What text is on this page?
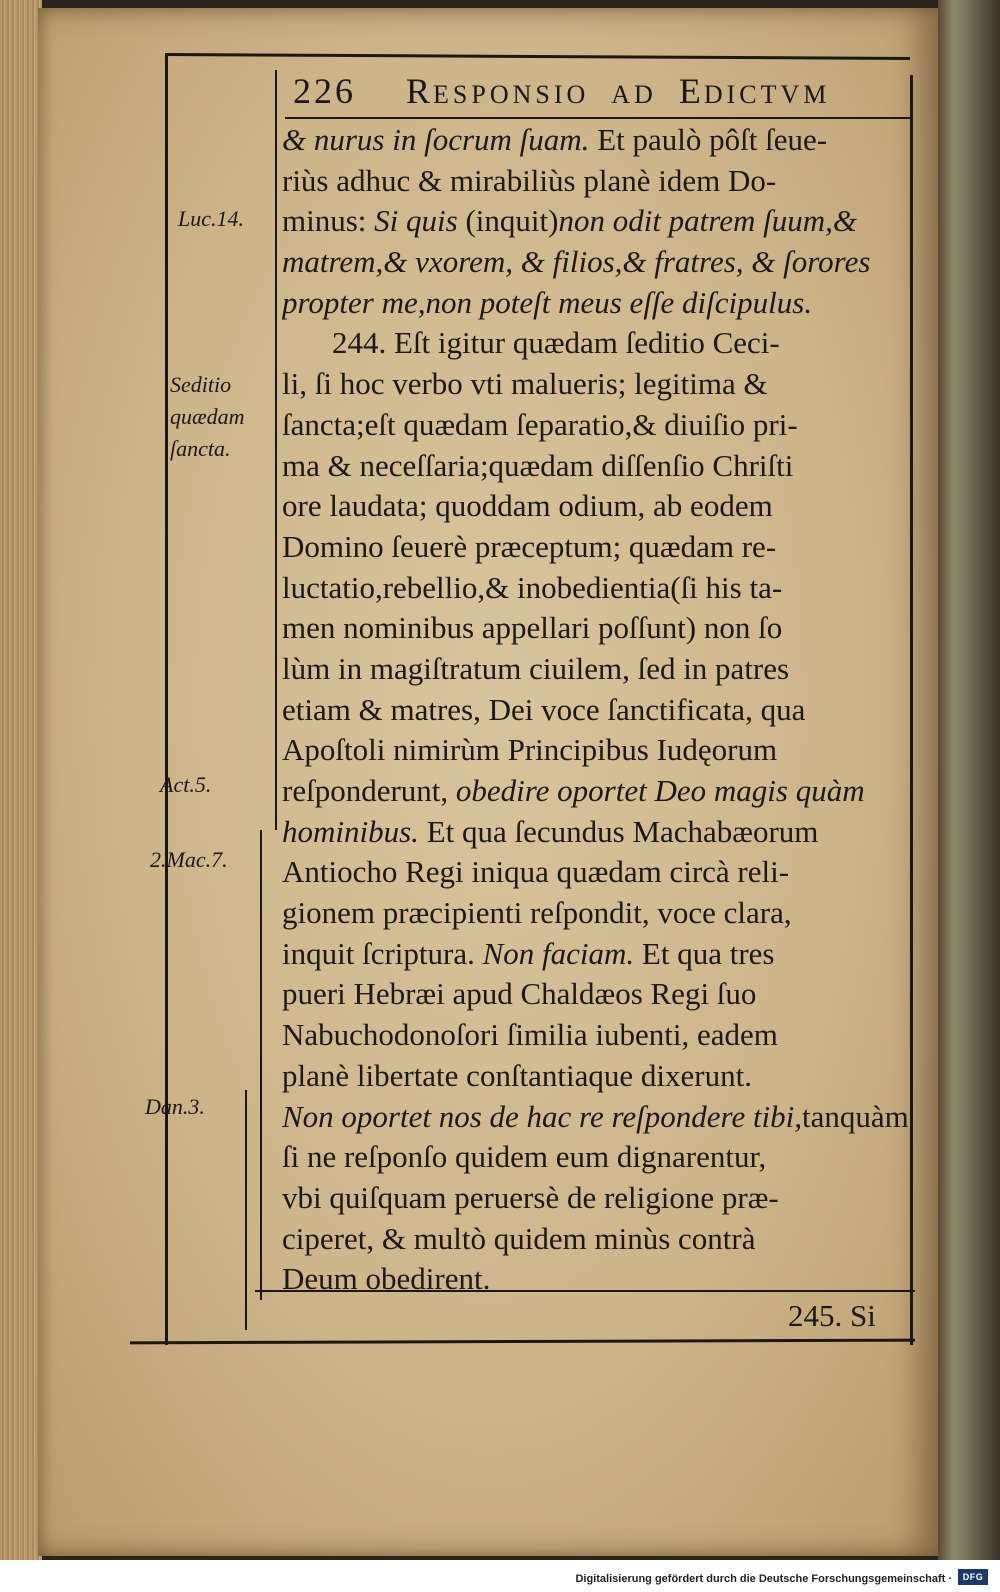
226 RESPONSIO AD EDICTVM
& nurus in ſocrum ſuam. Et paulò pôſt ſeue-
riùs adhuc & mirabiliùs planè idem Do-
minus: Si quis (inquit)non odit patrem ſuum,&
matrem,& vxorem, & filios,& fratres, & ſorores
propter me,non poteſt meus eſſe diſcipulus.
244. Eſt igitur quædam ſeditio Ceci-
li, ſi hoc verbo vti malueris; legitima &
ſancta;eſt quædam ſeparatio,& diuiſio pri-
ma & neceſſaria;quædam diſſenſio Chriſti
ore laudata; quoddam odium, ab eodem
Domino ſeuerè præceptum; quædam re-
luctatio,rebellio,& inobedientia(ſi his ta-
men nominibus appellari poſſunt) non ſo
lùm in magiſtratum ciuilem, ſed in patres
etiam & matres, Dei voce ſanctificata, qua
Apoſtoli nimirùm Principibus Iudęorum
reſponderunt, obedire oportet Deo magis quàm
hominibus. Et qua ſecundus Machabæorum
Antiocho Regi iniqua quædam circà reli-
gionem præcipienti reſpondit, voce clara,
inquit ſcriptura. Non faciam. Et qua tres
pueri Hebræi apud Chaldæos Regi ſuo
Nabuchodonoſori ſimilia iubenti, eadem
planè libertate conſtantiaque dixerunt.
Non oportet nos de hac re reſpondere tibi,tanquàm
ſi ne reſponſo quidem eum dignarentur,
vbi quiſquam peruersè de religione præ-
ciperet, & multò quidem minùs contrà
Deum obedirent.
Luc.14.
Seditio
quædam
ſancta.
Act.5.
2.Mac.7.
Dan.3.
245. Si
Digitalisierung gefördert durch die Deutsche Forschungsgemeinschaft ·	DFG
